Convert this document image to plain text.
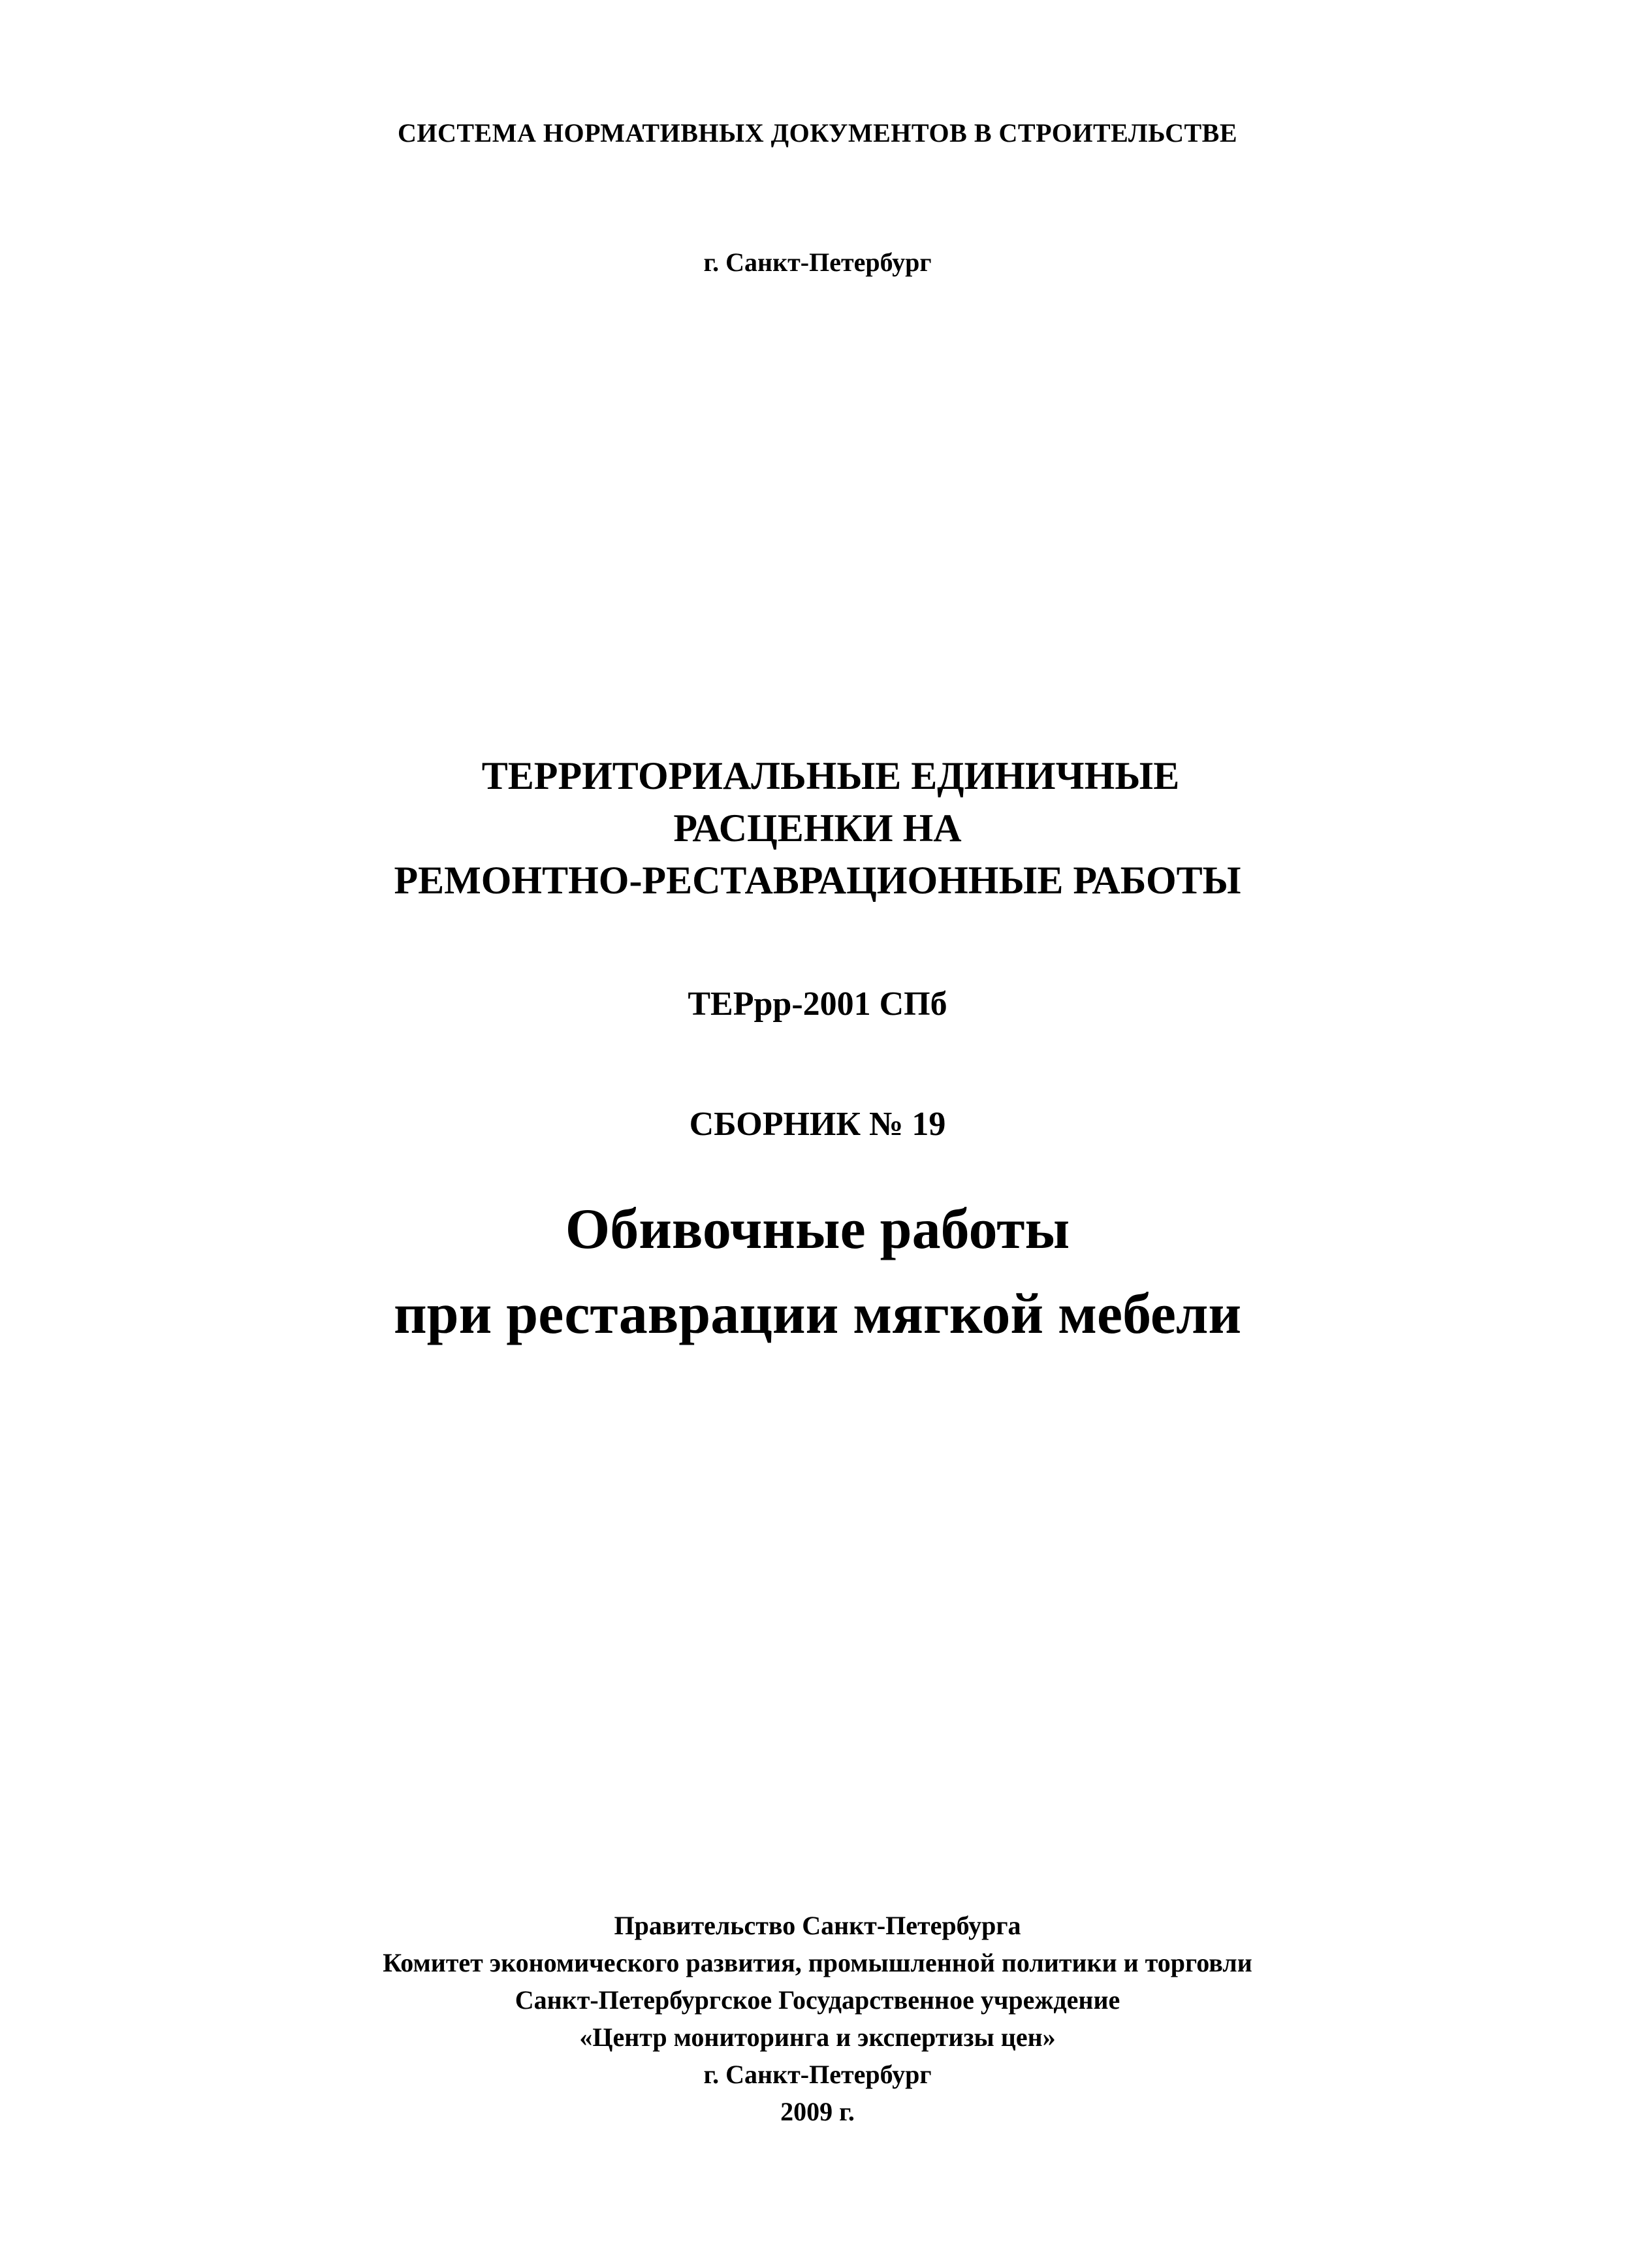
СИСТЕМА НОРМАТИВНЫХ ДОКУМЕНТОВ В СТРОИТЕЛЬСТВЕ
г. Санкт-Петербург
ТЕРРИТОРИАЛЬНЫЕ ЕДИНИЧНЫЕ
РАСЦЕНКИ НА
РЕМОНТНО-РЕСТАВРАЦИОННЫЕ РАБОТЫ
ТЕРрр-2001 СПб
СБОРНИК № 19
Обивочные работы
при реставрации мягкой мебели
Правительство Санкт-Петербурга
Комитет экономического развития, промышленной политики и торговли
Санкт-Петербургское Государственное учреждение
«Центр мониторинга и экспертизы цен»
г. Санкт-Петербург
2009 г.
